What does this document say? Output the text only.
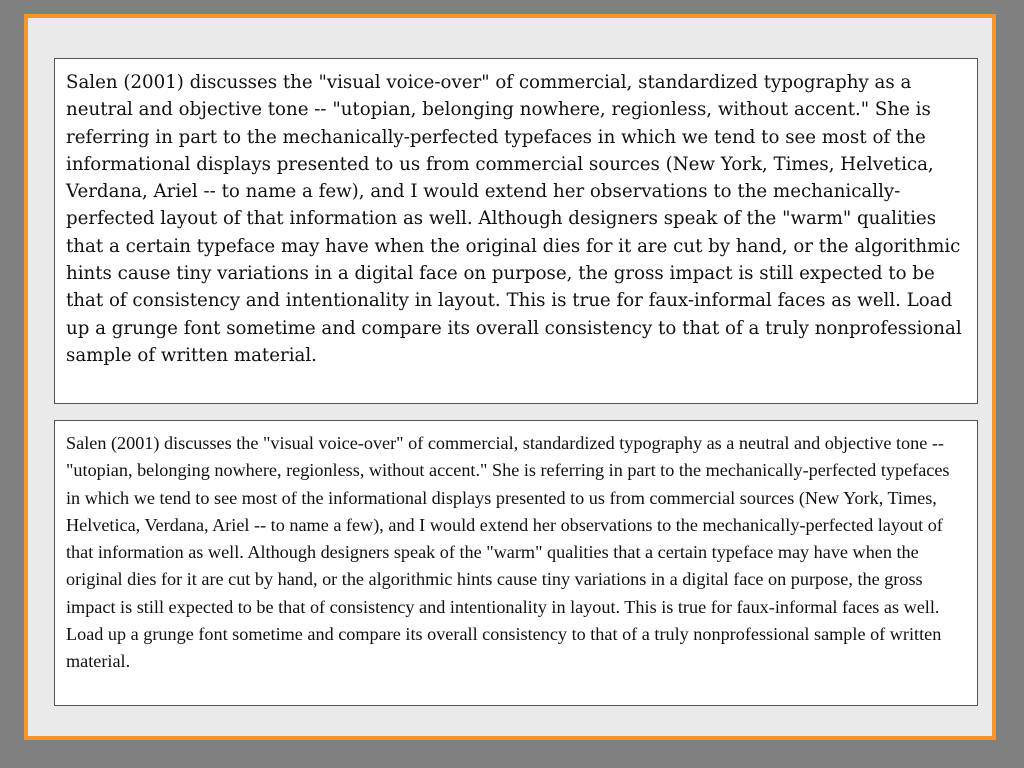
Salen (2001) discusses the "visual voice-over" of commercial, standardized typography as a neutral and objective tone -- "utopian, belonging nowhere, regionless, without accent." She is referring in part to the mechanically-perfected typefaces in which we tend to see most of the informational displays presented to us from commercial sources (New York, Times, Helvetica, Verdana, Ariel -- to name a few), and I would extend her observations to the mechanically-perfected layout of that information as well. Although designers speak of the "warm" qualities that a certain typeface may have when the original dies for it are cut by hand, or the algorithmic hints cause tiny variations in a digital face on purpose, the gross impact is still expected to be that of consistency and intentionality in layout. This is true for faux-informal faces as well. Load up a grunge font sometime and compare its overall consistency to that of a truly nonprofessional sample of written material.

Salen (2001) discusses the "visual voice-over" of commercial, standardized typography as a neutral and objective tone -- "utopian, belonging nowhere, regionless, without accent." She is referring in part to the mechanically-perfected typefaces in which we tend to see most of the informational displays presented to us from commercial sources (New York, Times, Helvetica, Verdana, Ariel -- to name a few), and I would extend her observations to the mechanically-perfected layout of that information as well. Although designers speak of the "warm" qualities that a certain typeface may have when the original dies for it are cut by hand, or the algorithmic hints cause tiny variations in a digital face on purpose, the gross impact is still expected to be that of consistency and intentionality in layout. This is true for faux-informal faces as well. Load up a grunge font sometime and compare its overall consistency to that of a truly nonprofessional sample of written material.
